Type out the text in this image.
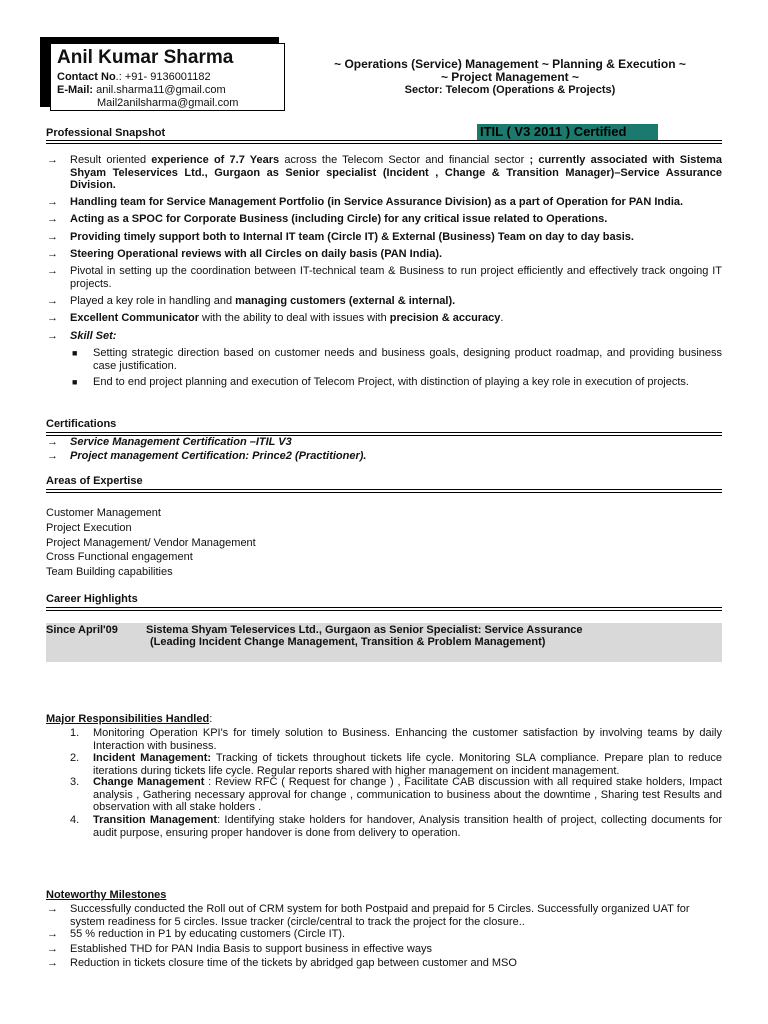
Anil Kumar Sharma
Contact No.: +91- 9136001182
E-Mail: anil.sharma11@gmail.com
Mail2anilsharma@gmail.com
~ Operations (Service) Management ~ Planning & Execution ~
~ Project Management ~
Sector: Telecom (Operations & Projects)
Professional Snapshot	ITIL ( V3 2011 ) Certified
→ Result oriented experience of 7.7 Years across the Telecom Sector and financial sector ; currently associated with Sistema Shyam Teleservices Ltd., Gurgaon as Senior specialist (Incident , Change & Transition Manager)–Service Assurance Division.
→ Handling team for Service Management Portfolio (in Service Assurance Division) as a part of Operation for PAN India.
→ Acting as a SPOC for Corporate Business (including Circle) for any critical issue related to Operations.
→ Providing timely support both to Internal IT team (Circle IT) & External (Business) Team on day to day basis.
→ Steering Operational reviews with all Circles on daily basis (PAN India).
→ Pivotal in setting up the coordination between IT-technical team & Business to run project efficiently and effectively track ongoing IT projects.
→ Played a key role in handling and managing customers (external & internal).
→ Excellent Communicator with the ability to deal with issues with precision & accuracy.
→ Skill Set:
■ Setting strategic direction based on customer needs and business goals, designing product roadmap, and providing business case justification.
■ End to end project planning and execution of Telecom Project, with distinction of playing a key role in execution of projects.
Certifications
→ Service Management Certification –ITIL V3
→ Project management Certification: Prince2 (Practitioner).
Areas of Expertise
Customer Management
Project Execution
Project Management/ Vendor Management
Cross Functional engagement
Team Building capabilities
Career Highlights
Since April'09	Sistema Shyam Teleservices Ltd., Gurgaon as Senior Specialist: Service Assurance
(Leading Incident Change Management, Transition & Problem Management)
Major Responsibilities Handled:
1. Monitoring Operation KPI's for timely solution to Business. Enhancing the customer satisfaction by involving teams by daily Interaction with business.
2. Incident Management: Tracking of tickets throughout tickets life cycle. Monitoring SLA compliance. Prepare plan to reduce iterations during tickets life cycle. Regular reports shared with higher management on incident management.
3. Change Management : Review RFC ( Request for change ) , Facilitate CAB discussion with all required stake holders, Impact analysis , Gathering necessary approval for change , communication to business about the downtime , Sharing test Results and observation with all stake holders .
4. Transition Management: Identifying stake holders for handover, Analysis transition health of project, collecting documents for audit purpose, ensuring proper handover is done from delivery to operation.
Noteworthy Milestones
→ Successfully conducted the Roll out of CRM system for both Postpaid and prepaid for 5 Circles. Successfully organized UAT for system readiness for 5 circles. Issue tracker (circle/central to track the project for the closure..
→ 55 % reduction in P1 by educating customers (Circle IT).
→ Established THD for PAN India Basis to support business in effective ways
→ Reduction in tickets closure time of the tickets by abridged gap between customer and MSO
